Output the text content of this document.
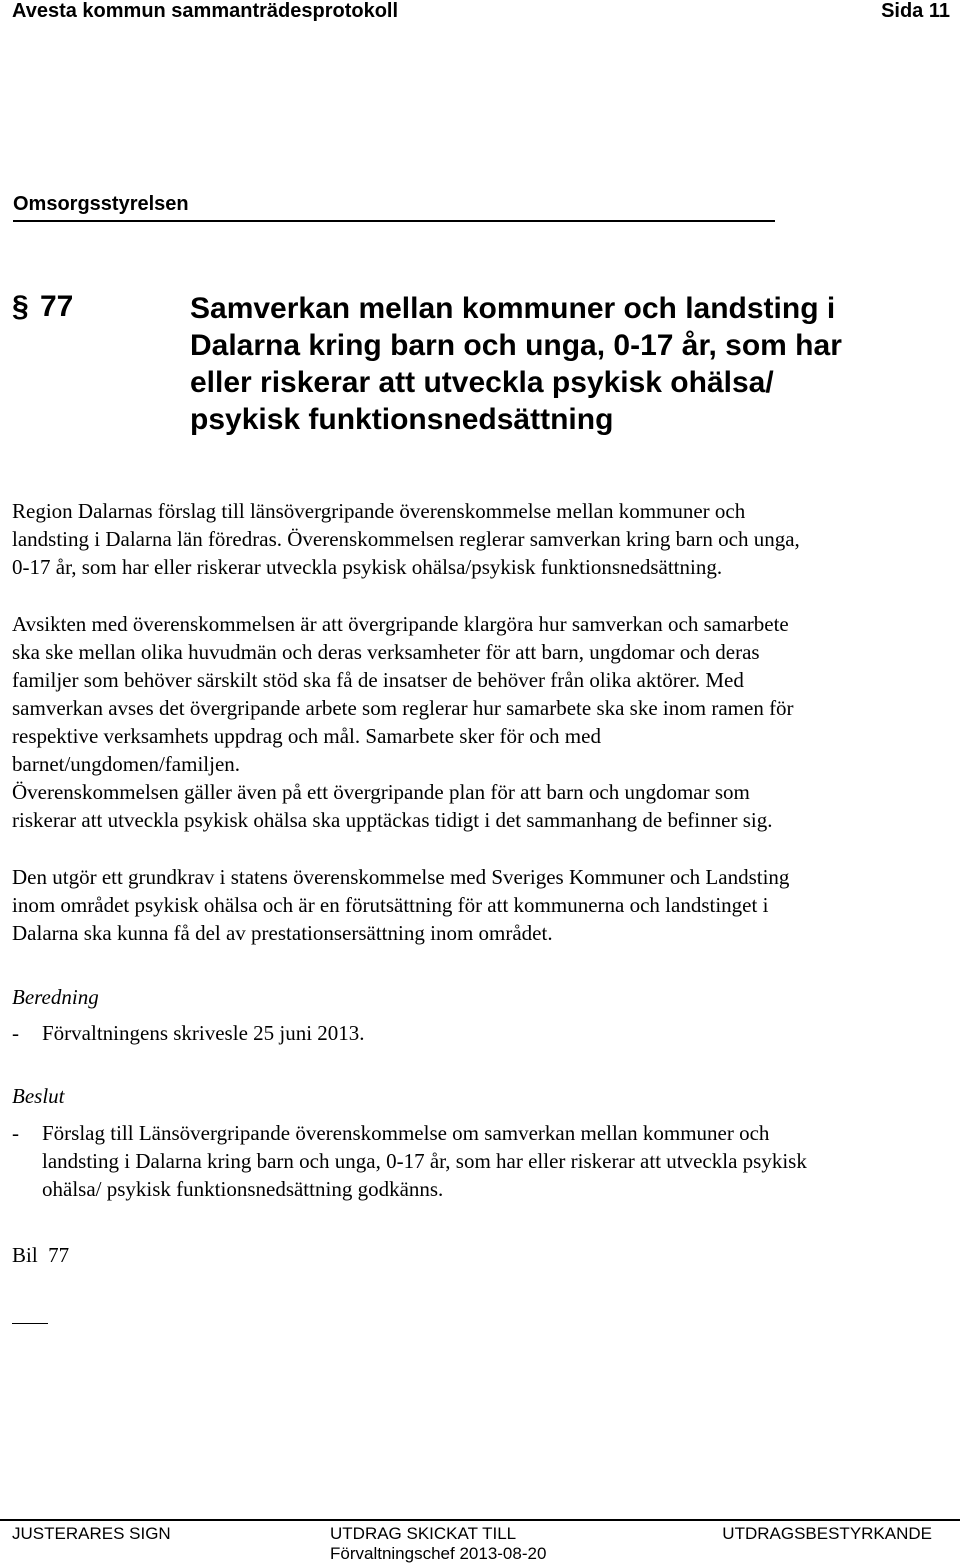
Avesta kommun sammanträdesprotokoll	Sida 11
Omsorgsstyrelsen
§ 77	Samverkan mellan kommuner och landsting i
Dalarna kring barn och unga, 0-17 år, som har
eller riskerar att utveckla psykisk ohälsa/
psykisk funktionsnedsättning
Region Dalarnas förslag till länsövergripande överenskommelse mellan kommuner och
landsting i Dalarna län föredras. Överenskommelsen reglerar samverkan kring barn och unga,
0-17 år, som har eller riskerar utveckla psykisk ohälsa/psykisk funktionsnedsättning.
Avsikten med överenskommelsen är att övergripande klargöra hur samverkan och samarbete
ska ske mellan olika huvudmän och deras verksamheter för att barn, ungdomar och deras
familjer som behöver särskilt stöd ska få de insatser de behöver från olika aktörer. Med
samverkan avses det övergripande arbete som reglerar hur samarbete ska ske inom ramen för
respektive verksamhets uppdrag och mål. Samarbete sker för och med
barnet/ungdomen/familjen.
Överenskommelsen gäller även på ett övergripande plan för att barn och ungdomar som
riskerar att utveckla psykisk ohälsa ska upptäckas tidigt i det sammanhang de befinner sig.
Den utgör ett grundkrav i statens överenskommelse med Sveriges Kommuner och Landsting
inom området psykisk ohälsa och är en förutsättning för att kommunerna och landstinget i
Dalarna ska kunna få del av prestationsersättning inom området.
Beredning
- Förvaltningens skrivesle 25 juni 2013.
Beslut
- Förslag till Länsövergripande överenskommelse om samverkan mellan kommuner och
landsting i Dalarna kring barn och unga, 0-17 år, som har eller riskerar att utveckla psykisk
ohälsa/ psykisk funktionsnedsättning godkänns.
Bil  77
JUSTERARES SIGN	UTDRAG SKICKAT TILL	UTDRAGSBESTYRKANDE
Förvaltningschef 2013-08-20
